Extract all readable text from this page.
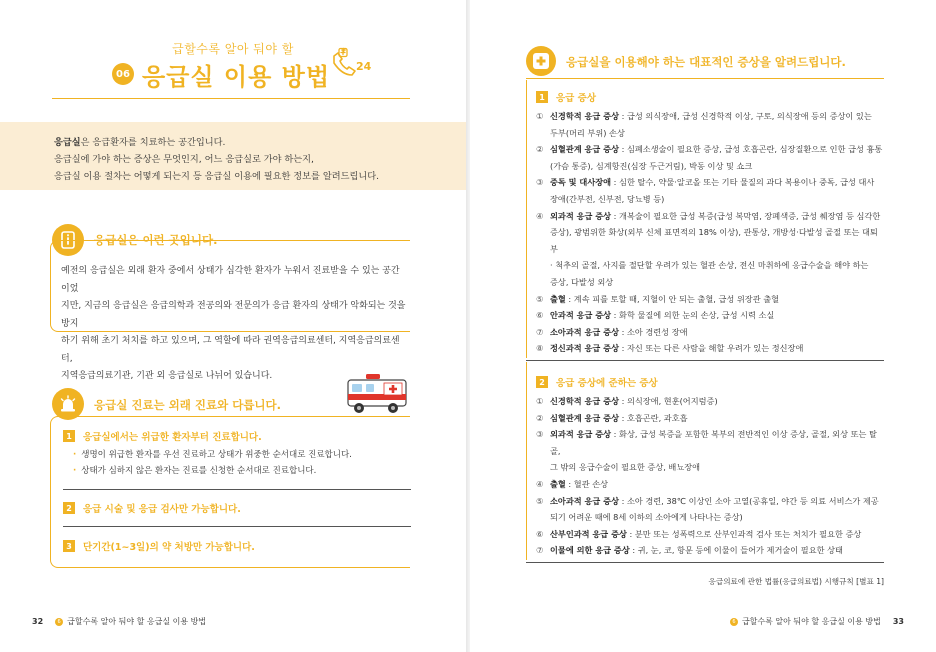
급할수록 알아 둬야 할
06 응급실 이용 방법 24
응급실은 응급환자를 치료하는 공간입니다.
응급실에 가야 하는 증상은 무엇인지, 어느 응급실로 가야 하는지,
응급실 이용 절차는 어떻게 되는지 등 응급실 이용에 필요한 정보를 알려드립니다.
응급실은 이런 곳입니다.
예전의 응급실은 외래 환자 중에서 상태가 심각한 환자가 누워서 진료받을 수 있는 공간이었
지만, 지금의 응급실은 응급의학과 전공의와 전문의가 응급 환자의 상태가 악화되는 것을 방지
하기 위해 초기 처치를 하고 있으며, 그 역할에 따라 권역응급의료센터, 지역응급의료센터,
지역응급의료기관, 기관 외 응급실로 나뉘어 있습니다.
응급실 진료는 외래 진료와 다릅니다.
1	응급실에서는 위급한 환자부터 진료합니다.
· 생명이 위급한 환자를 우선 진료하고 상태가 위중한 순서대로 진료합니다.
· 상태가 심하지 않은 환자는 진료를 신청한 순서대로 진료합니다.
2	응급 시술 및 응급 검사만 가능합니다.
3	단기간(1~3일)의 약 처방만 가능합니다.
32	6 급할수록 알아 둬야 할 응급실 이용 방법
응급실을 이용해야 하는 대표적인 증상을 알려드립니다.
1	응급 증상
① 신경학적 응급 증상 : 급성 의식장애, 급성 신경학적 이상, 구토, 의식장애 등의 증상이 있는
두부(머리 부위) 손상
② 심혈관계 응급 증상 : 심폐소생술이 필요한 증상, 급성 호흡곤란, 심장질환으로 인한 급성 흉통
(가슴 통증), 심계항진(심장 두근거림), 박동 이상 및 쇼크
③ 중독 및 대사장애 : 심한 탈수, 약물·알코올 또는 기타 물질의 과다 복용이나 중독, 급성 대사
장애(간부전, 신부전, 당뇨병 등)
④ 외과적 응급 증상 : 개복술이 필요한 급성 복증(급성 복막염, 장폐색증, 급성 췌장염 등 심각한
증상), 광범위한 화상(외부 신체 표면적의 18% 이상), 관통상, 개방성·다발성 골절 또는 대퇴부
· 척추의 골절, 사지를 절단할 우려가 있는 혈관 손상, 전신 마취하에 응급수술을 해야 하는
증상, 다발성 외상
⑤ 출혈 : 계속 피를 토할 때, 지혈이 안 되는 출혈, 급성 위장관 출혈
⑥ 안과적 응급 증상 : 화학 물질에 의한 눈의 손상, 급성 시력 소실
⑦ 소아과적 응급 증상 : 소아 경련성 장애
⑧ 정신과적 응급 증상 : 자신 또는 다른 사람을 해할 우려가 있는 정신장애
2	응급 증상에 준하는 증상
① 신경학적 응급 증상 : 의식장애, 현훈(어지럼증)
② 심혈관계 응급 증상 : 호흡곤란, 과호흡
③ 외과적 응급 증상 : 화상, 급성 복증을 포함한 복부의 전반적인 이상 증상, 골절, 외상 또는 탈골,
그 밖의 응급수술이 필요한 증상, 배뇨장애
④ 출혈 : 혈관 손상
⑤ 소아과적 응급 증상 : 소아 경련, 38℃ 이상인 소아 고열(공휴일, 야간 등 의료 서비스가 제공
되기 어려운 때에 8세 이하의 소아에게 나타나는 증상)
⑥ 산부인과적 응급 증상 : 분만 또는 성폭력으로 산부인과적 검사 또는 처치가 필요한 증상
⑦ 이물에 의한 응급 증상 : 귀, 눈, 코, 항문 등에 이물이 들어가 제거술이 필요한 상태
응급의료에 관한 법률(응급의료법) 시행규칙 [별표 1]
6 급할수록 알아 둬야 할 응급실 이용 방법 33
